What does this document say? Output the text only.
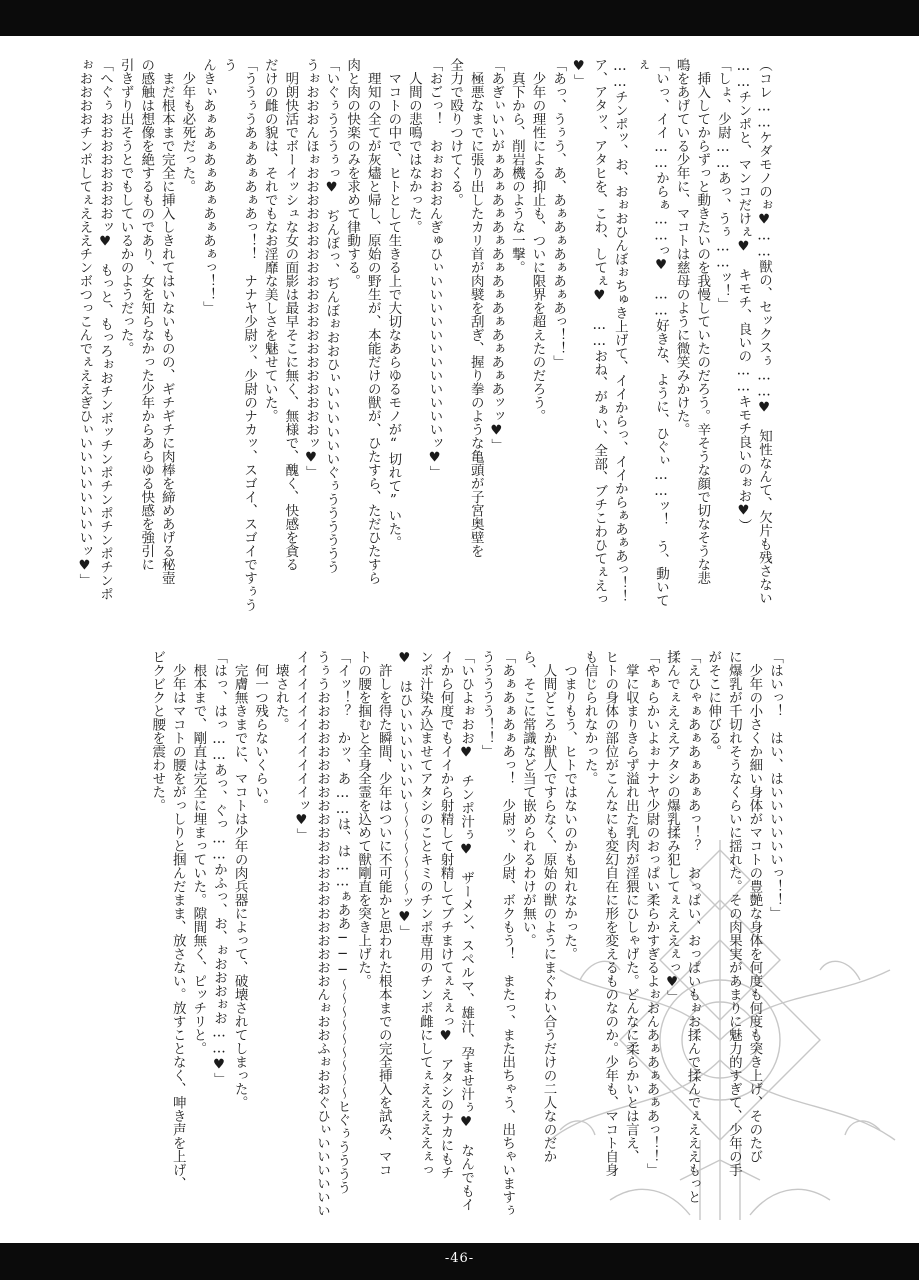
（コレ……ケダモノのぉ♥……獣の、セックスぅ……♥　知性なんて、欠片も残さない

……チンポと、マンコだけぇ♥　キモチ、良いの……キモチ良いのぉお♥）

「しょ、少尉……あっ、うぅ……ッ！」

　挿入してからずっと動きたいのを我慢していたのだろう。辛そうな顔で切なそうな悲

鳴をあげている少年に、マコトは慈母のように微笑みかけた。

「いっ、イイ……からぁ……っ♥　……好きな、ように、ひぐぃ……ッ！　う、動いてぇ

……チンポッ、お、おぉおひんぼぉちゅき上げて、イイからっ、イイからぁあぁあっ！！

ア、アタッ、アタヒを、こわ、してぇ♥　……おね、がぁい、全部、ブチこわひてぇえっ♥」

「あっ、うぅう、あ、あぁあぁあぁあぁあっ！！」

　少年の理性による抑止も、ついに限界を超えたのだろう。

　真下から、削岩機のような一撃。

「あぎぃいいがぁあぁあぁあぁあぁあぁあぁあぁあぁあッッ♥」

　極悪なまでに張り出したカリ首が肉襞を刮ぎ、握り拳のような亀頭が子宮奥壁を

全力で殴りつけてくる。

「おごっ！　おぉおおおんぎゅひぃいいいいいいいいいいいいッ♥」

　人間の悲鳴ではなかった。

　マコトの中で、ヒトとして生きる上で大切なあらゆるモノが“切れて”いた。

　理知の全てが灰燼と帰し、原始の野生が、本能だけの獣が、ひたすら、ただひたすら

肉と肉の快楽のみを求めて律動する。

「いぐぅうううぅっ♥　ぢんぼっ、ぢんぼぉおおひぃいいいいいいぐぅうううううう

うぉおおおんほぉおおおおおおおおおおおおおおおおおおおおッ♥」

　明朗快活でボーイッシュな女の面影は最早そこに無く、無様で、醜く、快感を貪る

だけの雌の貌は、それでもなお淫靡な美しさを魅せていた。

「ううぅうあぁあぁあぁあっ！！　ナナヤ少尉ッ、少尉のナカッ、スゴイ、スゴイですぅうう

んきぃあぁあぁあぁあぁあぁあぁっ！！」

　少年も必死だった。

　まだ根本まで完全に挿入しきれてはいないものの、ギチギチに肉棒を締めあげる秘壺

の感触は想像を絶するものであり、女を知らなかった少年からあらゆる快感を強引に

引きずり出そうとでもしているかのようだった。

「へぐぅおおおおおおおおッ♥　もっと、もっろぉおチンボッチンポチンポチンポチンポ

ぉおおおおチンポしてぇえええチンボつっこんでぇええぎひぃいいいいいいいいッ♥」

「はいっ！　はい、はいいいいいいっ！！」

　少年の小さくか細い身体がマコトの豊艶な身体を何度も何度も突き上げ、そのたび

に爆乳が千切れそうなくらいに揺れた。その肉果実があまりに魅力的すぎて、少年の手

がそこに伸びる。

「えひゃぁあぁあぁあぁあっ！？　おっぱい、おっぱいもぉお揉んで揉んでぇえええもっと

揉んでぇえええアタシの爆乳揉み犯してぇえええぇっ♥」

「やぁらかいよぉナナヤ少尉のおっぱい柔らかすぎるよぉおんあぁあぁあぁあっ！！」

　掌に収まりきらず溢れ出た乳肉が淫猥にひしゃげた。どんなに柔らかいとは言え、

ヒトの身体の部位がこんなにも変幻自在に形を変えるものなのか。少年も、マコト自身

も信じられなかった。

　つまりもう、ヒトではないのかも知れなかった。

　人間どころか獣人ですらなく、原始の獣のようにまぐわい合うだけの二人なのだか

ら、そこに常識など当て嵌められるわけが無い。

「あぁあぁあぁあっ！　少尉ッ、少尉、ボクもう！　またっ、また出ちゃう、出ちゃいますぅ

ううううう！！」

「いひよぉおお♥　チンポ汁ぅ♥　ザーメン、スペルマ、雄汁、孕ませ汁ぅ♥　なんでもイ

イから何度でもイイから射精して射精してブチまけてぇえぇっ♥　アタシのナカにもチ

ンポ汁染み込ませてアタシのことキミのチンポ専用のチンポ雌にしてぇえええええぇっ

♥　はひいいいいいいい～～～～～～～ッ♥」

　許しを得た瞬間、少年はついに不可能かと思われた根本までの完全挿入を試み、マコ

トの腰を掴むと全身全霊を込めて獣剛直を突き上げた。

「イッ！？　かッ、あ……は、は……ぁああ───～～～～～～～～～ヒぐぅうううう

うぅうおおおおおおおおおおおおおおおおおおおおおおんぉおおふぉおおぐひぃいいいいいい

イイイイイイイイイイイッ♥」

　壊された。

　何一つ残らないくらい。

　完膚無きまでに、マコトは少年の肉兵器によって、破壊されてしまった。

「はっ、はっ……あっ、ぐっ……かふっ、お、ぉおおおぉお……♥」

　根本まで、剛直は完全に埋まっていた。隙間無く、ピッチリと。

　少年はマコトの腰をがっしりと掴んだまま、放さない。放すことなく、呻き声を上げ、

ビクビクと腰を震わせた。

-46-
